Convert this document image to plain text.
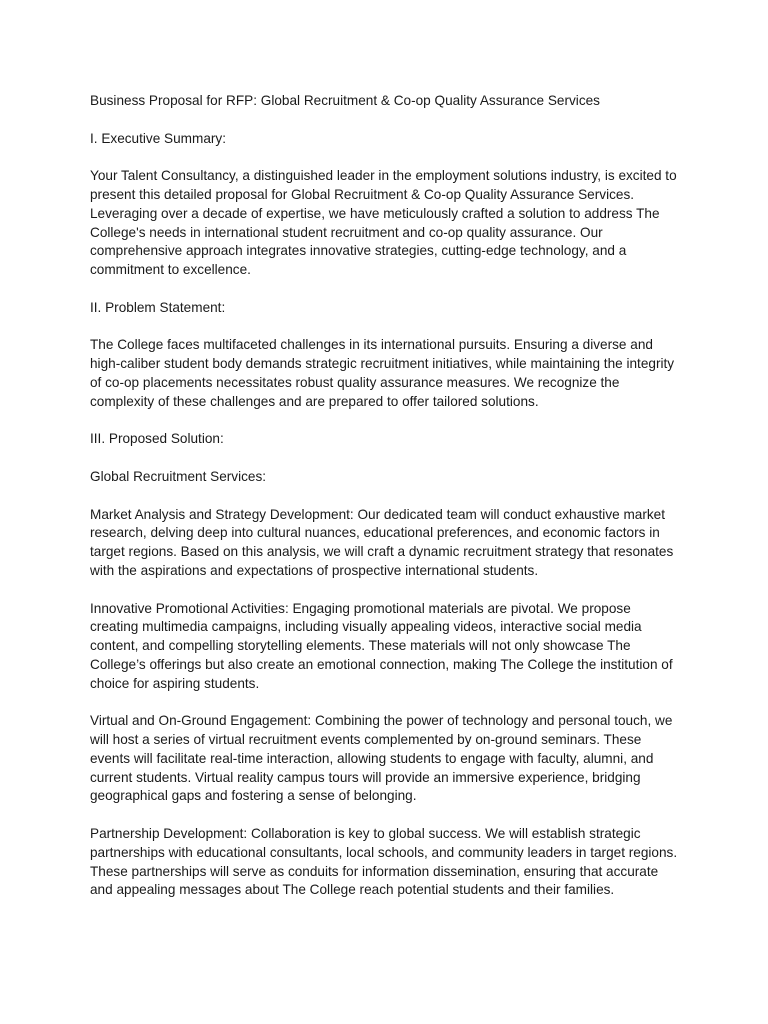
Business Proposal for RFP: Global Recruitment & Co-op Quality Assurance Services

I. Executive Summary:

Your Talent Consultancy, a distinguished leader in the employment solutions industry, is excited to present this detailed proposal for Global Recruitment & Co-op Quality Assurance Services. Leveraging over a decade of expertise, we have meticulously crafted a solution to address The College's needs in international student recruitment and co-op quality assurance. Our comprehensive approach integrates innovative strategies, cutting-edge technology, and a commitment to excellence.

II. Problem Statement:

The College faces multifaceted challenges in its international pursuits. Ensuring a diverse and high-caliber student body demands strategic recruitment initiatives, while maintaining the integrity of co-op placements necessitates robust quality assurance measures. We recognize the complexity of these challenges and are prepared to offer tailored solutions.

III. Proposed Solution:

Global Recruitment Services:

Market Analysis and Strategy Development: Our dedicated team will conduct exhaustive market research, delving deep into cultural nuances, educational preferences, and economic factors in target regions. Based on this analysis, we will craft a dynamic recruitment strategy that resonates with the aspirations and expectations of prospective international students.

Innovative Promotional Activities: Engaging promotional materials are pivotal. We propose creating multimedia campaigns, including visually appealing videos, interactive social media content, and compelling storytelling elements. These materials will not only showcase The College’s offerings but also create an emotional connection, making The College the institution of choice for aspiring students.

Virtual and On-Ground Engagement: Combining the power of technology and personal touch, we will host a series of virtual recruitment events complemented by on-ground seminars. These events will facilitate real-time interaction, allowing students to engage with faculty, alumni, and current students. Virtual reality campus tours will provide an immersive experience, bridging geographical gaps and fostering a sense of belonging.

Partnership Development: Collaboration is key to global success. We will establish strategic partnerships with educational consultants, local schools, and community leaders in target regions. These partnerships will serve as conduits for information dissemination, ensuring that accurate and appealing messages about The College reach potential students and their families.
